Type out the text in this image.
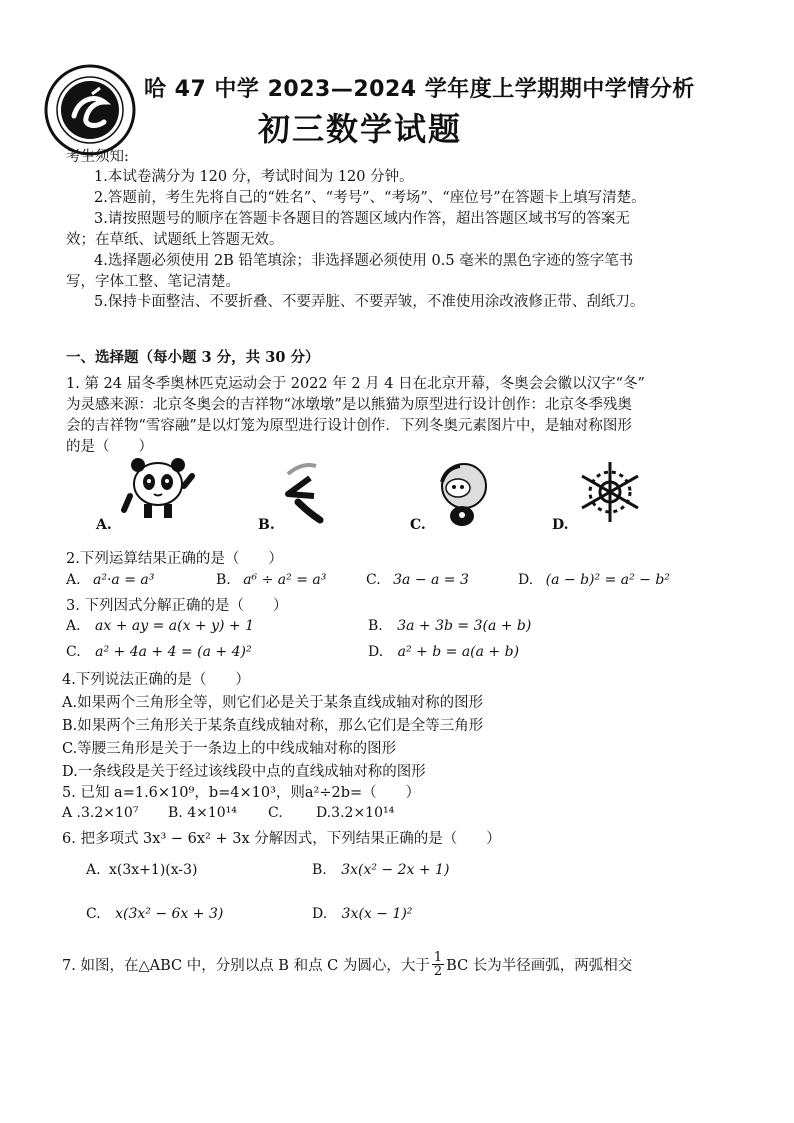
哈 47 中学 2023—2024 学年度上学期期中学情分析
初三数学试题
考生须知:
1.本试卷满分为 120 分，考试时间为 120 分钟。
2.答题前，考生先将自己的“姓名”、“考号”、“考场”、“座位号”在答题卡上填写清楚。
3.请按照题号的顺序在答题卡各题目的答题区域内作答，超出答题区域书写的答案无
效；在草纸、试题纸上答题无效。
4.选择题必须使用 2B 铅笔填涂；非选择题必须使用 0.5 毫米的黑色字迹的签字笔书
写，字体工整、笔记清楚。
5.保持卡面整洁、不要折叠、不要弄脏、不要弄皱，不准使用涂改液修正带、刮纸刀。
一、选择题（每小题 3 分，共 30 分）
1. 第 24 届冬季奥林匹克运动会于 2022 年 2 月 4 日在北京开幕，冬奥会会徽以汉字“冬”
为灵感来源：北京冬奥会的吉祥物“冰墩墩”是以熊猫为原型进行设计创作：北京冬季残奥
会的吉祥物“雪容融”是以灯笼为原型进行设计创作．下列冬奥元素图片中，是轴对称图形
的是（　　）
A.	B.	C.	D.
2.下列运算结果正确的是（　　）
A. a²·a = a³	B. a⁶ ÷ a² = a³	C. 3a − a = 3	D. (a − b)² = a² − b²
3. 下列因式分解正确的是（　　）
A. ax + ay = a(x + y) + 1	B. 3a + 3b = 3(a + b)
C. a² + 4a + 4 = (a + 4)²	D. a² + b = a(a + b)
4.下列说法正确的是（　　）
A.如果两个三角形全等，则它们必是关于某条直线成轴对称的图形
B.如果两个三角形关于某条直线成轴对称，那么它们是全等三角形
C.等腰三角形是关于一条边上的中线成轴对称的图形
D.一条线段是关于经过该线段中点的直线成轴对称的图形
5. 已知 a=1.6×10⁹，b=4×10³，则a²÷2b=（　　）
A .3.2×10⁷ B. 4×10¹⁴ C. D.3.2×10¹⁴
6. 把多项式 3x³ − 6x² + 3x 分解因式，下列结果正确的是（　　）
A. x(3x+1)(x-3)	B. 3x(x² − 2x + 1)
C. x(3x² − 6x + 3)	D. 3x(x − 1)²
7. 如图，在△ABC 中，分别以点 B 和点 C 为圆心，大于
1
2 BC 长为半径画弧，两弧相交
